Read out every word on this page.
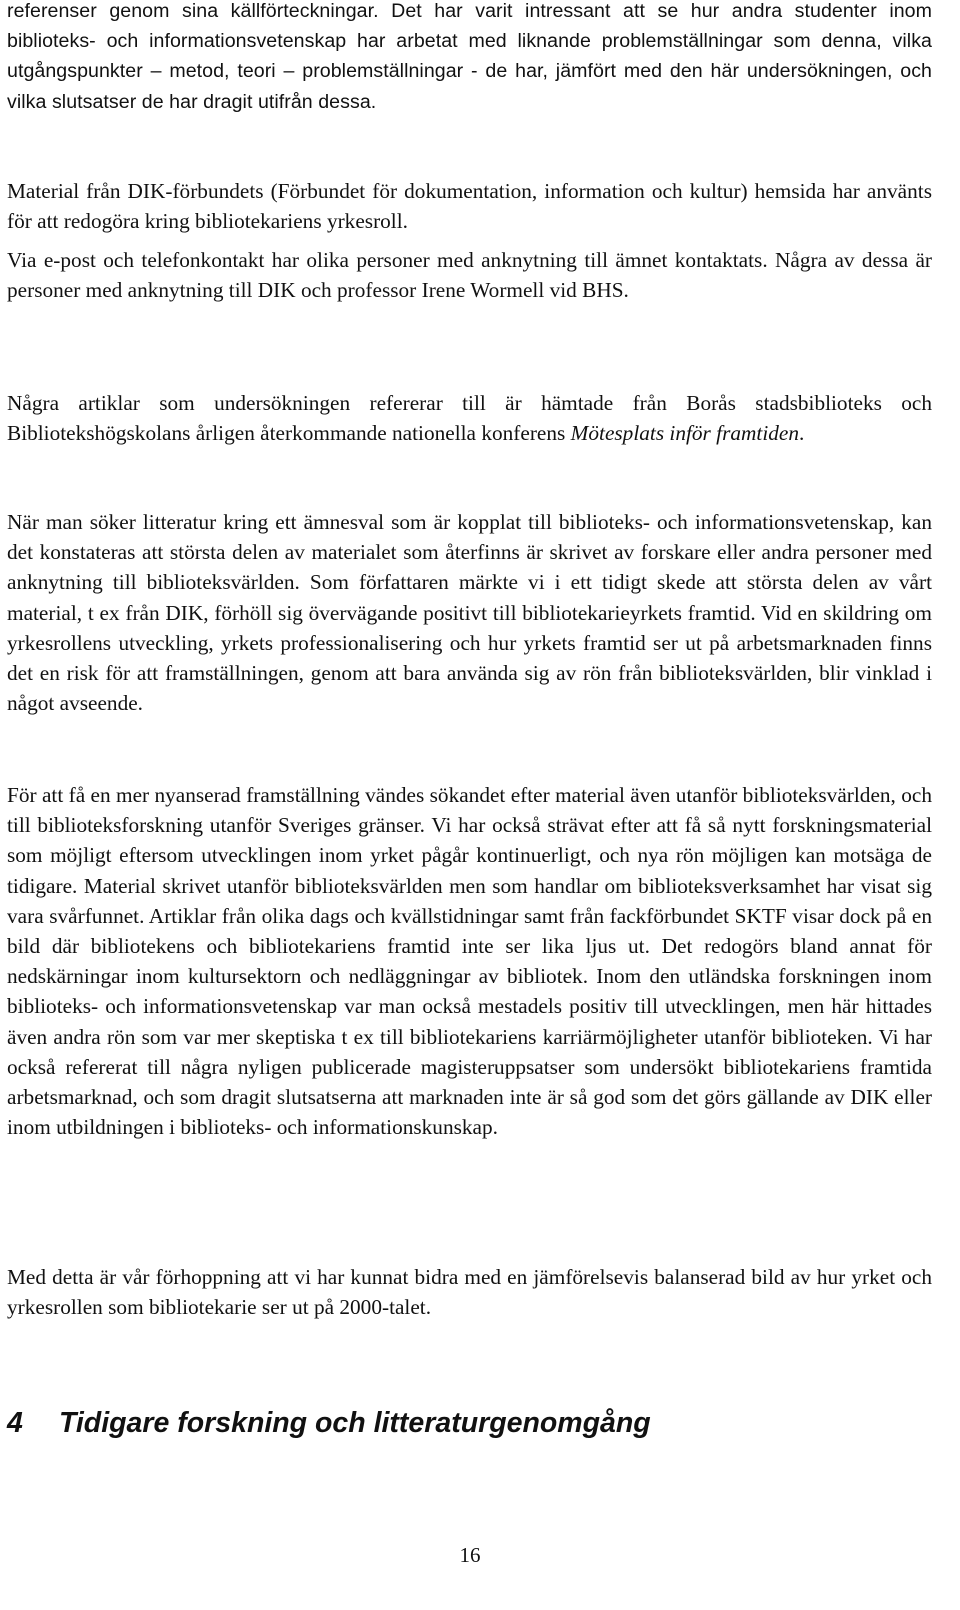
referenser genom sina källförteckningar. Det har varit intressant att se hur andra studenter inom biblioteks- och informationsvetenskap har arbetat med liknande problemställningar som denna, vilka utgångspunkter – metod, teori – problemställningar - de har, jämfört med den här undersökningen, och vilka slutsatser de har dragit utifrån dessa.

Material från DIK-förbundets (Förbundet för dokumentation, information och kultur) hemsida har använts för att redogöra kring bibliotekariens yrkesroll.

Via e-post och telefonkontakt har olika personer med anknytning till ämnet kontaktats. Några av dessa är personer med anknytning till DIK och professor Irene Wormell vid BHS.

Några artiklar som undersökningen refererar till är hämtade från Borås stadsbiblioteks och Bibliotekshögskolans årligen återkommande nationella konferens Mötesplats inför framtiden.

När man söker litteratur kring ett ämnesval som är kopplat till biblioteks- och informationsvetenskap, kan det konstateras att största delen av materialet som återfinns är skrivet av forskare eller andra personer med anknytning till biblioteksvärlden. Som författaren märkte vi i ett tidigt skede att största delen av vårt material, t ex från DIK, förhöll sig övervägande positivt till bibliotekarieyrkets framtid. Vid en skildring om yrkesrollens utveckling, yrkets professionalisering och hur yrkets framtid ser ut på arbetsmarknaden finns det en risk för att framställningen, genom att bara använda sig av rön från biblioteksvärlden, blir vinklad i något avseende.

För att få en mer nyanserad framställning vändes sökandet efter material även utanför biblioteksvärlden, och till biblioteksforskning utanför Sveriges gränser. Vi har också strävat efter att få så nytt forskningsmaterial som möjligt eftersom utvecklingen inom yrket pågår kontinuerligt, och nya rön möjligen kan motsäga de tidigare. Material skrivet utanför biblioteksvärlden men som handlar om biblioteksverksamhet har visat sig vara svårfunnet. Artiklar från olika dags och kvällstidningar samt från fackförbundet SKTF visar dock på en bild där bibliotekens och bibliotekariens framtid inte ser lika ljus ut. Det redogörs bland annat för nedskärningar inom kultursektorn och nedläggningar av bibliotek. Inom den utländska forskningen inom biblioteks- och informationsvetenskap var man också mestadels positiv till utvecklingen, men här hittades även andra rön som var mer skeptiska t ex till bibliotekariens karriärmöjligheter utanför biblioteken. Vi har också refererat till några nyligen publicerade magisteruppsatser som undersökt bibliotekariens framtida arbetsmarknad, och som dragit slutsatserna att marknaden inte är så god som det görs gällande av DIK eller inom utbildningen i biblioteks- och informationskunskap.

Med detta är vår förhoppning att vi har kunnat bidra med en jämförelsevis balanserad bild av hur yrket och yrkesrollen som bibliotekarie ser ut på 2000-talet.

4 Tidigare forskning och litteraturgenomgång
16
